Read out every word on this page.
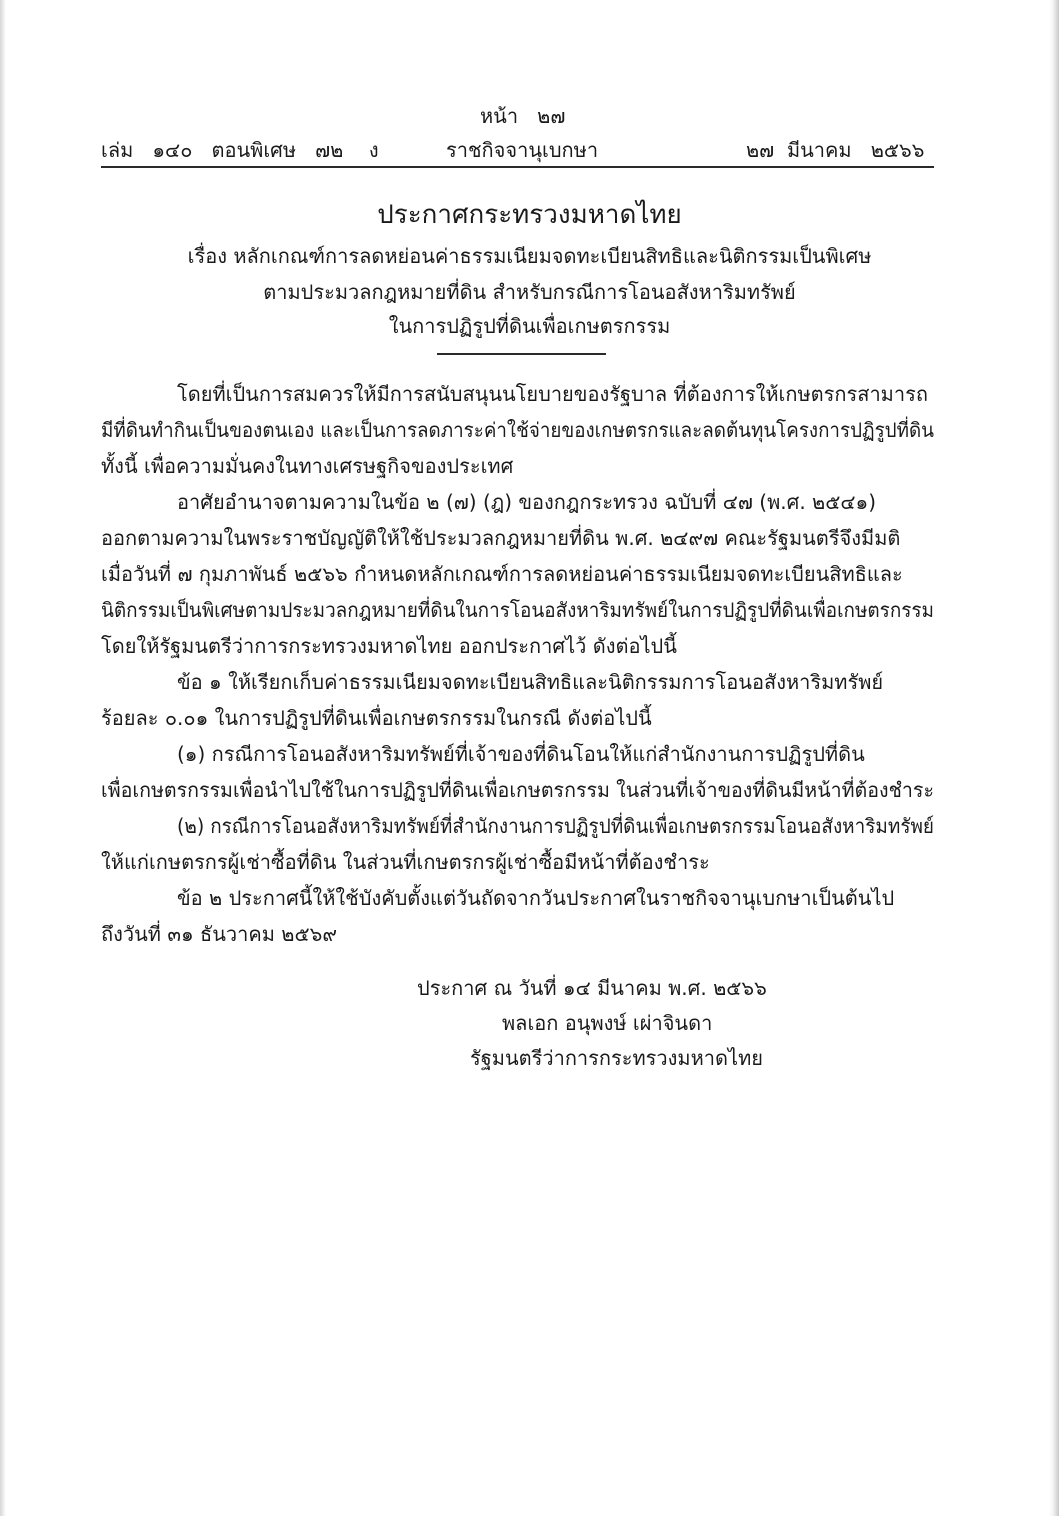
หน้า ๒๗
เล่ม ๑๔๐ ตอนพิเศษ ๗๒ ง	ราชกิจจานุเบกษา	๒๗ มีนาคม ๒๕๖๖
ประกาศกระทรวงมหาดไทย
เรื่อง หลักเกณฑ์การลดหย่อนค่าธรรมเนียมจดทะเบียนสิทธิและนิติกรรมเป็นพิเศษ
ตามประมวลกฎหมายที่ดิน สำหรับกรณีการโอนอสังหาริมทรัพย์
ในการปฏิรูปที่ดินเพื่อเกษตรกรรม
โดยที่เป็นการสมควรให้มีการสนับสนุนนโยบายของรัฐบาล ที่ต้องการให้เกษตรกรสามารถ
มีที่ดินทำกินเป็นของตนเอง และเป็นการลดภาระค่าใช้จ่ายของเกษตรกรและลดต้นทุนโครงการปฏิรูปที่ดิน
ทั้งนี้ เพื่อความมั่นคงในทางเศรษฐกิจของประเทศ
อาศัยอำนาจตามความในข้อ ๒ (๗) (ฎ) ของกฎกระทรวง ฉบับที่ ๔๗ (พ.ศ. ๒๕๔๑)
ออกตามความในพระราชบัญญัติให้ใช้ประมวลกฎหมายที่ดิน พ.ศ. ๒๔๙๗ คณะรัฐมนตรีจึงมีมติ
เมื่อวันที่ ๗ กุมภาพันธ์ ๒๕๖๖ กำหนดหลักเกณฑ์การลดหย่อนค่าธรรมเนียมจดทะเบียนสิทธิและ
นิติกรรมเป็นพิเศษตามประมวลกฎหมายที่ดินในการโอนอสังหาริมทรัพย์ในการปฏิรูปที่ดินเพื่อเกษตรกรรม
โดยให้รัฐมนตรีว่าการกระทรวงมหาดไทย ออกประกาศไว้ ดังต่อไปนี้
ข้อ ๑ ให้เรียกเก็บค่าธรรมเนียมจดทะเบียนสิทธิและนิติกรรมการโอนอสังหาริมทรัพย์
ร้อยละ ๐.๐๑ ในการปฏิรูปที่ดินเพื่อเกษตรกรรมในกรณี ดังต่อไปนี้
(๑) กรณีการโอนอสังหาริมทรัพย์ที่เจ้าของที่ดินโอนให้แก่สำนักงานการปฏิรูปที่ดิน
เพื่อเกษตรกรรมเพื่อนำไปใช้ในการปฏิรูปที่ดินเพื่อเกษตรกรรม ในส่วนที่เจ้าของที่ดินมีหน้าที่ต้องชำระ
(๒) กรณีการโอนอสังหาริมทรัพย์ที่สำนักงานการปฏิรูปที่ดินเพื่อเกษตรกรรมโอนอสังหาริมทรัพย์
ให้แก่เกษตรกรผู้เช่าซื้อที่ดิน ในส่วนที่เกษตรกรผู้เช่าซื้อมีหน้าที่ต้องชำระ
ข้อ ๒ ประกาศนี้ให้ใช้บังคับตั้งแต่วันถัดจากวันประกาศในราชกิจจานุเบกษาเป็นต้นไป
ถึงวันที่ ๓๑ ธันวาคม ๒๕๖๙
ประกาศ ณ วันที่ ๑๔ มีนาคม พ.ศ. ๒๕๖๖
พลเอก อนุพงษ์ เผ่าจินดา
รัฐมนตรีว่าการกระทรวงมหาดไทย
